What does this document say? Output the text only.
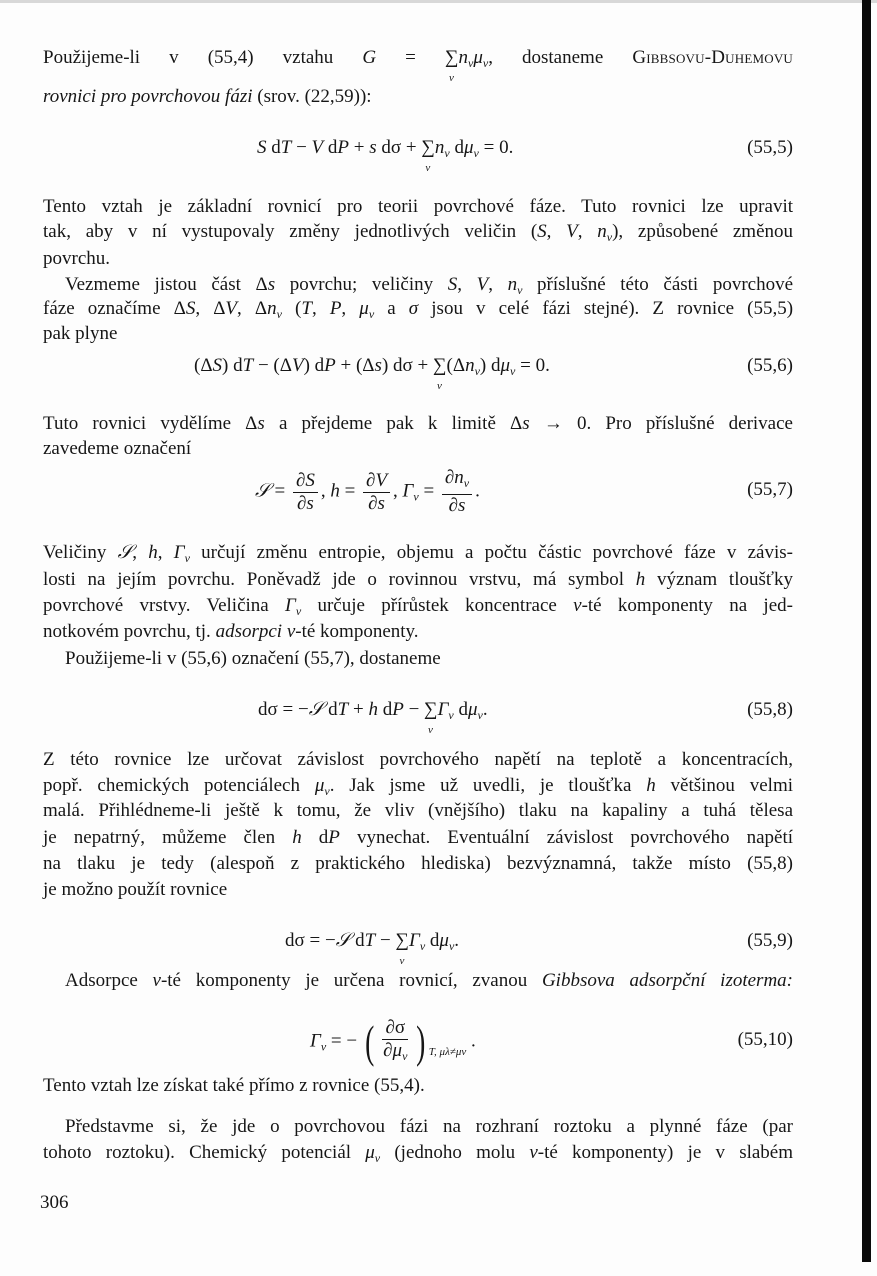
Použijeme-li v (55,4) vztahu G = ∑
ν
$n_\nu\mu_\nu$, dostaneme Gibbsovu-Duhemovu
rovnici pro povrchovou fázi (srov. (22,59)):
S dT − V dP + s dσ + ∑
ν
$n_\nu$ $d\mu_\nu = 0$.	(55,5)
Tento vztah je základní rovnicí pro teorii povrchové fáze. Tuto rovnici lze upravit
tak, aby v ní vystupovaly změny jednotlivých veličin (S, V, $n_\nu$), způsobené změnou
povrchu.
Vezmeme jistou část Δs povrchu; veličiny S, V, $n_\nu$ příslušné této části povrchové
fáze označíme ΔS, ΔV, $\Delta n_\nu$ (T, P, $\mu_\nu$ a σ jsou v celé fázi stejné). Z rovnice (55,5)
pak plyne
(ΔS) dT − (ΔV) dP + (Δs) dσ + ∑
ν
$(\Delta n_\nu) d\mu_\nu = 0$.	(55,6)
Tuto rovnici vydělíme Δs a přejdeme pak k limitě Δs → 0. Pro příslušné derivace
zavedeme označení
𝒮 = $\frac{\partial S}{\partial s}$ , $h = \frac{\partial V}{\partial s}$ , $\Gamma_\nu = \frac{\partial n_\nu}{\partial s}$ .	(55,7)
Veličiny 𝒮, h, $\Gamma_\nu$ určují změnu entropie, objemu a počtu částic povrchové fáze v závis-
losti na jejím povrchu. Poněvadž jde o rovinnou vrstvu, má symbol h význam tloušťky
povrchové vrstvy. Veličina $\Gamma_\nu$ určuje přírůstek koncentrace ν-té komponenty na jed-
notkovém povrchu, tj. adsorpci ν-té komponenty.
Použijeme-li v (55,6) označení (55,7), dostaneme
dσ = −𝒮 dT + h dP − ∑
ν
$\Gamma_\nu$ $d\mu_\nu$.	(55,8)
Z této rovnice lze určovat závislost povrchového napětí na teplotě a koncentracích,
popř. chemických potenciálech $\mu_\nu$. Jak jsme už uvedli, je tloušťka h většinou velmi
malá. Přihlédneme-li ještě k tomu, že vliv (vnějšího) tlaku na kapaliny a tuhá tělesa
je nepatrný, můžeme člen h dP vynechat. Eventuální závislost povrchového napětí
na tlaku je tedy (alespoň z praktického hlediska) bezvýznamná, takže místo (55,8)
je možno použít rovnice
dσ = −𝒮 dT − ∑
ν
$\Gamma_\nu$ $d\mu_\nu$.	(55,9)
Adsorpce ν-té komponenty je určena rovnicí, zvanou Gibbsova adsorpční izoterma:
$\Gamma_\nu$ = − ( $\frac{\partial\sigma}{\partial\mu_\nu}$ ) T, μλ≠μν
.	(55,10)
Tento vztah lze získat také přímo z rovnice (55,4).
Představme si, že jde o povrchovou fázi na rozhraní roztoku a plynné fáze (par
tohoto roztoku). Chemický potenciál $\mu_\nu$ (jednoho molu ν-té komponenty) je v slabém
306
